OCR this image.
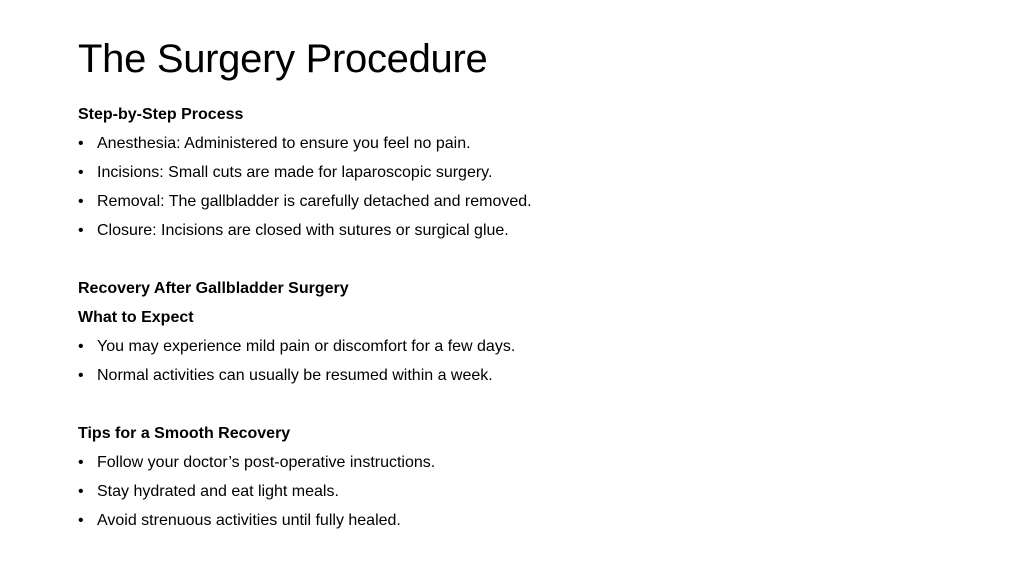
The Surgery Procedure
Step-by-Step Process
• Anesthesia: Administered to ensure you feel no pain.
• Incisions: Small cuts are made for laparoscopic surgery.
• Removal: The gallbladder is carefully detached and removed.
• Closure: Incisions are closed with sutures or surgical glue.
Recovery After Gallbladder Surgery
What to Expect
• You may experience mild pain or discomfort for a few days.
• Normal activities can usually be resumed within a week.
Tips for a Smooth Recovery
• Follow your doctor’s post-operative instructions.
• Stay hydrated and eat light meals.
• Avoid strenuous activities until fully healed.
